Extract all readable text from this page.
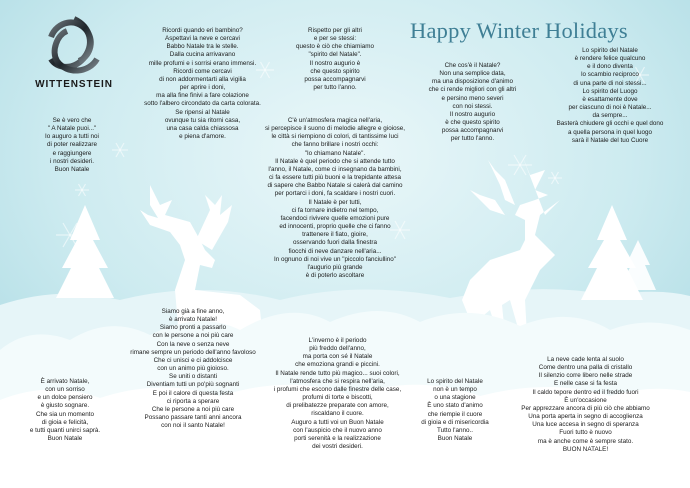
WITTENSTEIN
Happy Winter Holidays
Se è vero che
" A Natale puoi..."
Io auguro a tutti noi
di poter realizzare
e raggiungere
i nostri desideri.
Buon Natale
Ricordi quando eri bambino?
Aspettavi la neve e cercavi
Babbo Natale tra le stelle.
Dalla cucina arrivavano
mille profumi e i sorrisi erano immensi.
Ricordi come cercavi
di non addormentarti alla vigilia
per aprire i doni,
ma alla fine finivi a fare colazione
sotto l'albero circondato da carta colorata.
Se ripensi al Natale
ovunque tu sia ritorni casa,
una casa calda chiassosa
e piena d'amore.
Rispetto per gli altri
e per se stessi:
questo è ciò che chiamiamo
"spirito del Natale".
Il nostro augurio è
che questo spirito
possa accompagnarvi
per tutto l'anno.
C'è un'atmosfera magica nell'aria,
si percepisce il suono di melodie allegre e gioiose,
le città si riempiono di colori, di tantissime luci
che fanno brillare i nostri occhi:
"lo chiamano Natale".
Il Natale è quel periodo che si attende tutto
l'anno, il Natale, come ci insegnano da bambini,
ci fa essere tutti più buoni e la trepidante attesa
di sapere che Babbo Natale si calerà dal camino
per portarci i doni, fa scaldare i nostri cuori.
Il Natale è per tutti,
ci fa tornare indietro nel tempo,
facendoci rivivere quelle emozioni pure
ed innocenti, proprio quelle che ci fanno
trattenere il fiato, gioire,
osservando fuori dalla finestra
fiocchi di neve danzare nell'aria...
In ognuno di noi vive un "piccolo fanciullino"
l'augurio più grande
è di poterlo ascoltare
Che cos'è il Natale?
Non una semplice data,
ma una disposizione d'animo
che ci rende migliori con gli altri
e persino meno severi
con noi stessi.
Il nostro augurio
è che questo spirito
possa accompagnarvi
per tutto l'anno.
Lo spirito del Natale
è rendere felice qualcuno
e il dono diventa
lo scambio reciproco
di una parte di noi stessi...
Lo spirito del Luogo
è esattamente dove
per ciascuno di noi è Natale...
da sempre...
Basterà chiudere gli occhi e quel dono
a quella persona in quel luogo
sarà il Natale del tuo Cuore
È arrivato Natale,
con un sorriso
e un dolce pensiero
è giusto sognare.
Che sia un momento
di gioia e felicità,
e tutti quanti unirci saprà.
Buon Natale
Siamo già a fine anno,
è arrivato Natale!
Siamo pronti a passarlo
con le persone a noi più care
Con la neve o senza neve
rimane sempre un periodo dell'anno favoloso
Che ci unisci e ci addolcisce
con un animo più gioioso.
Se uniti o distanti
Diventiam tutti un po'più sognanti
E poi il calore di questa festa
ci riporta a sperare
Che le persone a noi più care
Possano passare tanti anni ancora
con noi il santo Natale!
L'inverno è il periodo
più freddo dell'anno,
ma porta con sé il Natale
che emoziona grandi e piccini.
Il Natale rende tutto più magico... suoi colori,
l'atmosfera che si respira nell'aria,
i profumi che escono dalle finestre delle case,
profumi di torte e biscotti,
di prelibatezze preparate con amore,
riscaldano il cuore.
Auguro a tutti voi un Buon Natale
con l'auspicio che il nuovo anno
porti serenità e la realizzazione
dei vostri desideri.
Lo spirito del Natale
non è un tempo
o una stagione
È uno stato d'animo
che riempie il cuore
di gioia e di misericordia
Tutto l'anno..
Buon Natale
La neve cade lenta al suolo
Come dentro una palla di cristallo
Il silenzio corre libero nelle strade
E nelle case si fa festa
Il caldo tepore dentro ed il freddo fuori
È un'occasione
Per apprezzare ancora di più ciò che abbiamo
Una porta aperta in segno di accoglienza
Una luce accesa in segno di speranza
Fuori tutto è nuovo
ma è anche come è sempre stato.
BUON NATALE!
